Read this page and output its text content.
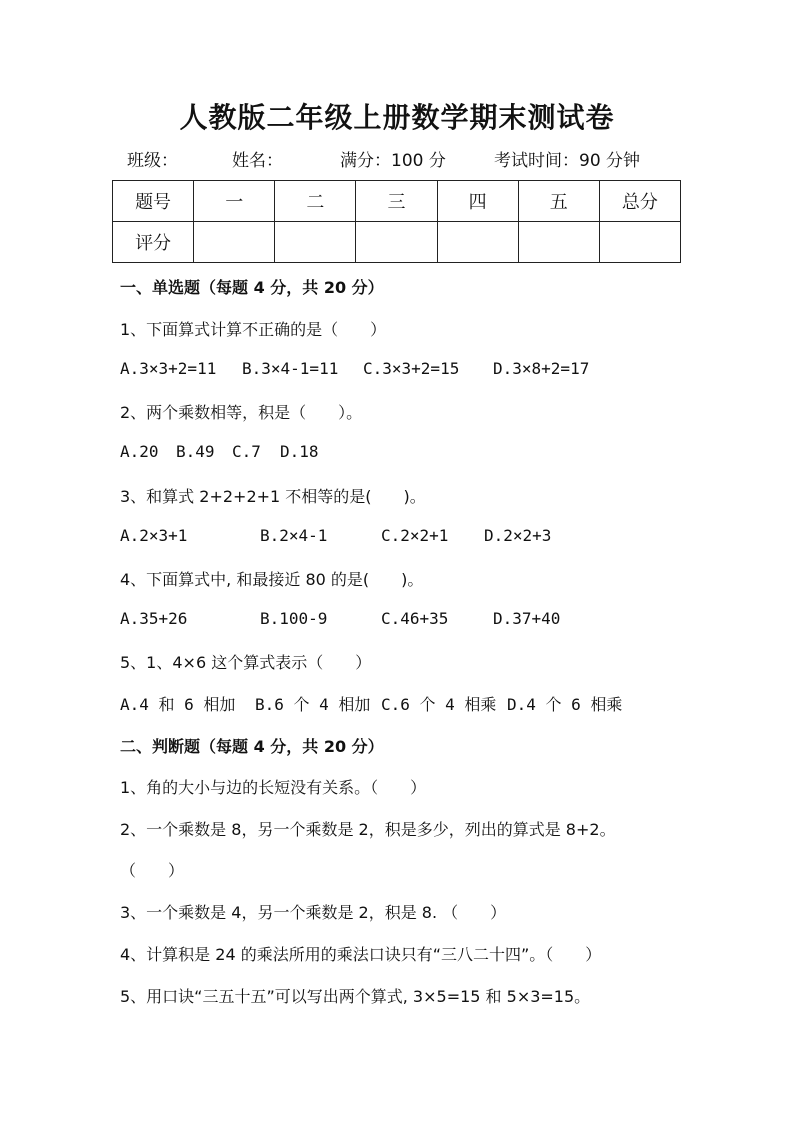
人教版二年级上册数学期末测试卷
班级：	姓名：	满分：100 分	考试时间：90 分钟
题号	一	二	三	四	五	总分
评分						
一、单选题（每题 4 分，共 20 分）
1、下面算式计算不正确的是（　　）
A.3×3+2=11 B.3×4-1=11 C.3×3+2=15 D.3×8+2=17
2、两个乘数相等，积是（　　）。
A.20 B.49 C.7 D.18
3、和算式 2+2+2+1 不相等的是(　　)。
A.2×3+1	B.2×4-1	C.2×2+1 D.2×2+3
4、下面算式中, 和最接近 80 的是(　　)。
A.35+26	B.100-9	C.46+35	D.37+40
5、1、4×6 这个算式表示（　　）
A.4 和 6 相加 B.6 个 4 相加 C.6 个 4 相乘 D.4 个 6 相乘
二、判断题（每题 4 分，共 20 分）
1、角的大小与边的长短没有关系。（　　）
2、一个乘数是 8，另一个乘数是 2，积是多少，列出的算式是 8+2。
（　　）
3、一个乘数是 4，另一个乘数是 2，积是 8. （　　）
4、计算积是 24 的乘法所用的乘法口诀只有“三八二十四”。（　　）
5、用口诀“三五十五”可以写出两个算式, 3×5=15 和 5×3=15。
